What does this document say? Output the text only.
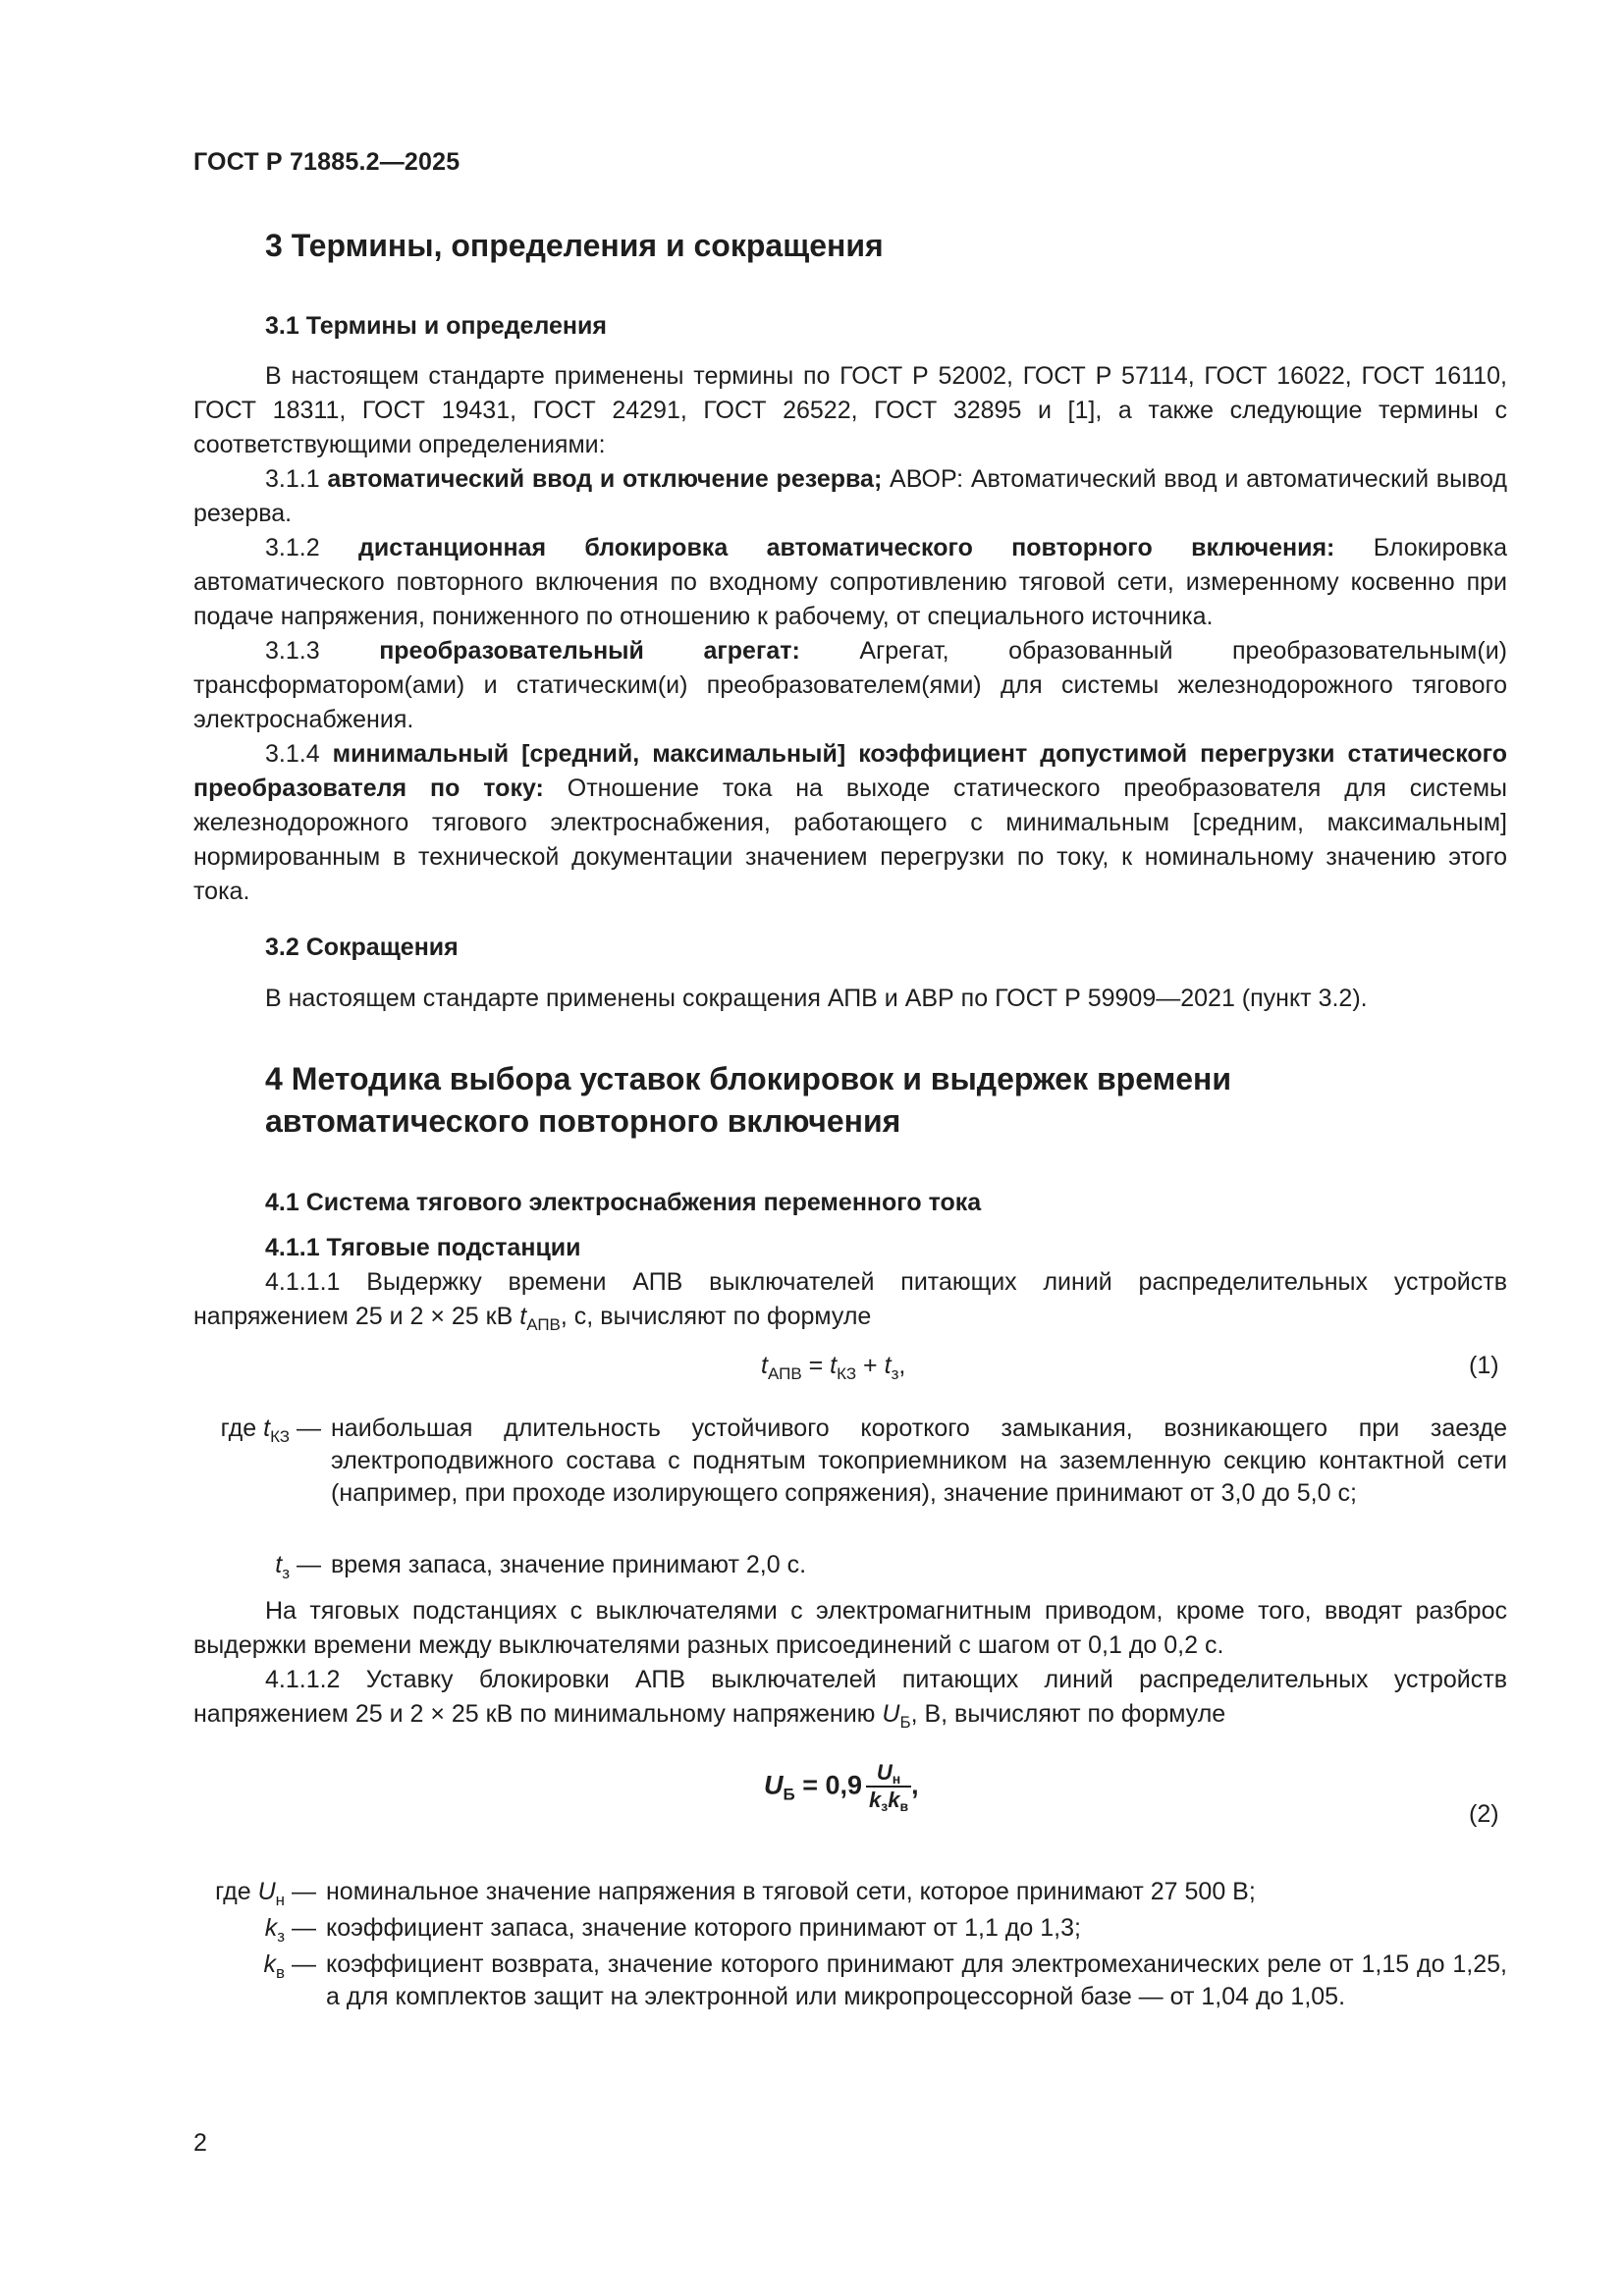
ГОСТ Р 71885.2—2025
3 Термины, определения и сокращения
3.1 Термины и определения
В настоящем стандарте применены термины по ГОСТ Р 52002, ГОСТ Р 57114, ГОСТ 16022, ГОСТ 16110, ГОСТ 18311, ГОСТ 19431, ГОСТ 24291, ГОСТ 26522, ГОСТ 32895 и [1], а также следующие термины с соответствующими определениями:
3.1.1 автоматический ввод и отключение резерва; АВОР: Автоматический ввод и автоматический вывод резерва.
3.1.2 дистанционная блокировка автоматического повторного включения: Блокировка автоматического повторного включения по входному сопротивлению тяговой сети, измеренному косвенно при подаче напряжения, пониженного по отношению к рабочему, от специального источника.
3.1.3 преобразовательный агрегат: Агрегат, образованный преобразовательным(и) трансформатором(ами) и статическим(и) преобразователем(ями) для системы железнодорожного тягового электроснабжения.
3.1.4 минимальный [средний, максимальный] коэффициент допустимой перегрузки статического преобразователя по току: Отношение тока на выходе статического преобразователя для системы железнодорожного тягового электроснабжения, работающего с минимальным [средним, максимальным] нормированным в технической документации значением перегрузки по току, к номинальному значению этого тока.
3.2 Сокращения
В настоящем стандарте применены сокращения АПВ и АВР по ГОСТ Р 59909—2021 (пункт 3.2).
4 Методика выбора уставок блокировок и выдержек времени
автоматического повторного включения
4.1 Система тягового электроснабжения переменного тока
4.1.1 Тяговые подстанции
4.1.1.1 Выдержку времени АПВ выключателей питающих линий распределительных устройств напряжением 25 и 2 × 25 кВ $t_{АПВ}$, с, вычисляют по формуле
$t_{АПВ} = t_{КЗ} + t_з$,	(1)
где $t_{КЗ}$ — наибольшая длительность устойчивого короткого замыкания, возникающего при заезде электроподвижного состава с поднятым токоприемником на заземленную секцию контактной сети (например, при проходе изолирующего сопряжения), значение принимают от 3,0 до 5,0 с;
$t_з$ — время запаса, значение принимают 2,0 с.
На тяговых подстанциях с выключателями с электромагнитным приводом, кроме того, вводят разброс выдержки времени между выключателями разных присоединений с шагом от 0,1 до 0,2 с.
4.1.1.2 Уставку блокировки АПВ выключателей питающих линий распределительных устройств напряжением 25 и 2 × 25 кВ по минимальному напряжению $U_Б$, В, вычисляют по формуле
$U_Б = 0,9 \frac{U_н}{k_зk_в}$ ,
(2)
где $U_н$ — номинальное значение напряжения в тяговой сети, которое принимают 27 500 В;
$k_з$ — коэффициент запаса, значение которого принимают от 1,1 до 1,3;
$k_в$ — коэффициент возврата, значение которого принимают для электромеханических реле от 1,15 до 1,25, а для комплектов защит на электронной или микропроцессорной базе — от 1,04 до 1,05.
2
